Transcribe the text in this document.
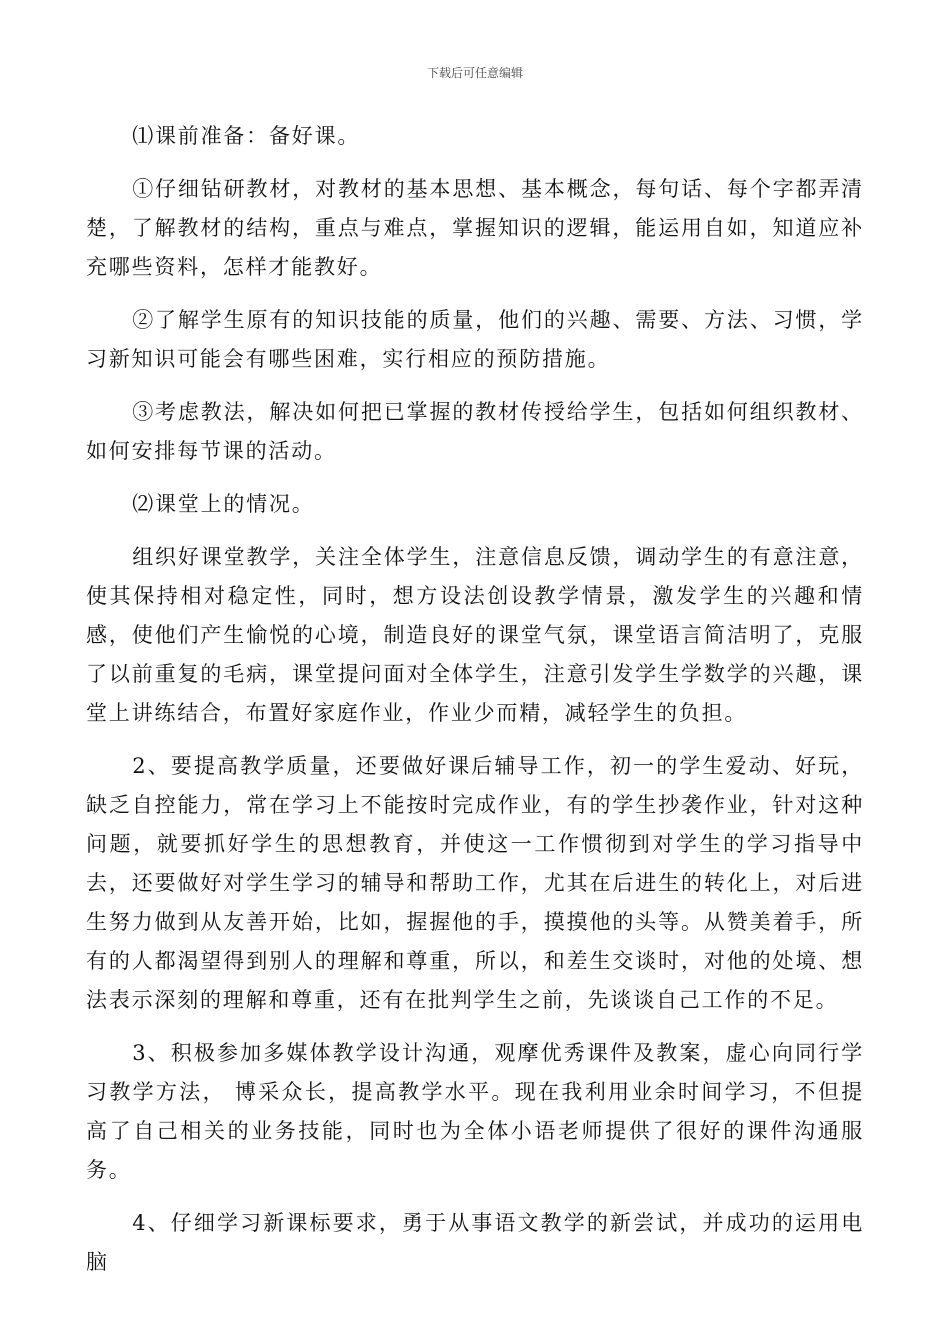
下载后可任意编辑

⑴课前准备：备好课。

①仔细钻研教材，对教材的基本思想、基本概念，每句话、每个字都弄清楚，了解教材的结构，重点与难点，掌握知识的逻辑，能运用自如，知道应补充哪些资料，怎样才能教好。

②了解学生原有的知识技能的质量，他们的兴趣、需要、方法、习惯，学习新知识可能会有哪些困难，实行相应的预防措施。

③考虑教法，解决如何把已掌握的教材传授给学生，包括如何组织教材、如何安排每节课的活动。

⑵课堂上的情况。

组织好课堂教学，关注全体学生，注意信息反馈，调动学生的有意注意，使其保持相对稳定性，同时，想方设法创设教学情景，激发学生的兴趣和情感，使他们产生愉悦的心境，制造良好的课堂气氛，课堂语言简洁明了，克服了以前重复的毛病，课堂提问面对全体学生，注意引发学生学数学的兴趣，课堂上讲练结合，布置好家庭作业，作业少而精，减轻学生的负担。

2、要提高教学质量，还要做好课后辅导工作，初一的学生爱动、好玩，缺乏自控能力，常在学习上不能按时完成作业，有的学生抄袭作业，针对这种问题，就要抓好学生的思想教育，并使这一工作惯彻到对学生的学习指导中去，还要做好对学生学习的辅导和帮助工作，尤其在后进生的转化上，对后进生努力做到从友善开始，比如，握握他的手，摸摸他的头等。从赞美着手，所有的人都渴望得到别人的理解和尊重，所以，和差生交谈时，对他的处境、想法表示深刻的理解和尊重，还有在批判学生之前，先谈谈自己工作的不足。

3、积极参加多媒体教学设计沟通，观摩优秀课件及教案，虚心向同行学习教学方法， 博采众长，提高教学水平。现在我利用业余时间学习，不但提高了自己相关的业务技能，同时也为全体小语老师提供了很好的课件沟通服务。

4、仔细学习新课标要求，勇于从事语文教学的新尝试，并成功的运用电脑
